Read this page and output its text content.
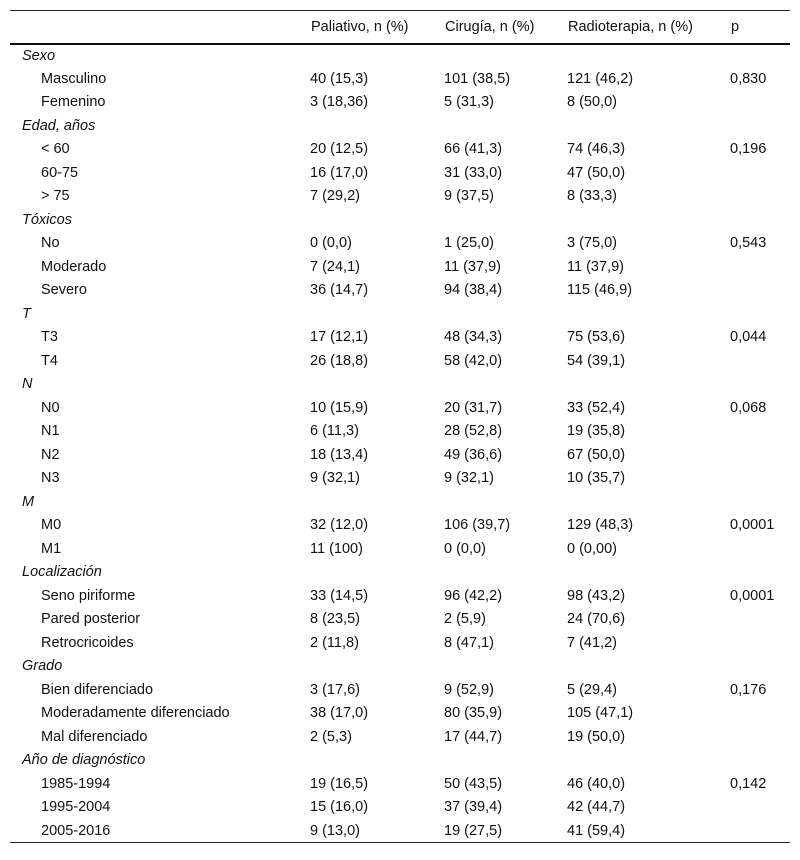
	Paliativo, n (%)	Cirugía, n (%)	Radioterapia, n (%)	p
Sexo				
Masculino	40 (15,3)	101 (38,5)	121 (46,2)	0,830
Femenino	3 (18,36)	5 (31,3)	8 (50,0)	
Edad, años				
< 60	20 (12,5)	66 (41,3)	74 (46,3)	0,196
60-75	16 (17,0)	31 (33,0)	47 (50,0)	
> 75	7 (29,2)	9 (37,5)	8 (33,3)	
Tóxicos				
No	0 (0,0)	1 (25,0)	3 (75,0)	0,543
Moderado	7 (24,1)	11 (37,9)	11 (37,9)	
Severo	36 (14,7)	94 (38,4)	115 (46,9)	
T				
T3	17 (12,1)	48 (34,3)	75 (53,6)	0,044
T4	26 (18,8)	58 (42,0)	54 (39,1)	
N				
N0	10 (15,9)	20 (31,7)	33 (52,4)	0,068
N1	6 (11,3)	28 (52,8)	19 (35,8)	
N2	18 (13,4)	49 (36,6)	67 (50,0)	
N3	9 (32,1)	9 (32,1)	10 (35,7)	
M				
M0	32 (12,0)	106 (39,7)	129 (48,3)	0,0001
M1	11 (100)	0 (0,0)	0 (0,00)	
Localización				
Seno piriforme	33 (14,5)	96 (42,2)	98 (43,2)	0,0001
Pared posterior	8 (23,5)	2 (5,9)	24 (70,6)	
Retrocricoides	2 (11,8)	8 (47,1)	7 (41,2)	
Grado				
Bien diferenciado	3 (17,6)	9 (52,9)	5 (29,4)	0,176
Moderadamente diferenciado	38 (17,0)	80 (35,9)	105 (47,1)	
Mal diferenciado	2 (5,3)	17 (44,7)	19 (50,0)	
Año de diagnóstico				
1985-1994	19 (16,5)	50 (43,5)	46 (40,0)	0,142
1995-2004	15 (16,0)	37 (39,4)	42 (44,7)	
2005-2016	9 (13,0)	19 (27,5)	41 (59,4)	
